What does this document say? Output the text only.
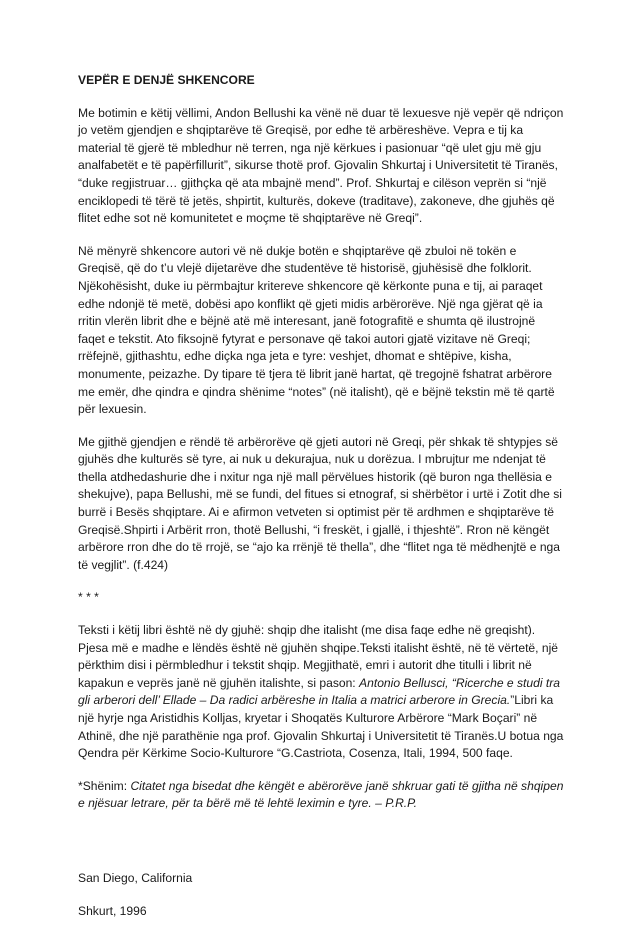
VEPËR E DENJË SHKENCORE

Me botimin e këtij vëllimi, Andon Bellushi ka vënë në duar të lexuesve një vepër që ndriçon jo vetëm gjendjen e shqiptarëve të Greqisë, por edhe të arbëreshëve. Vepra e tij ka material të gjerë të mbledhur në terren, nga një kërkues i pasionuar “që ulet gju më gju analfabetët e të papërfillurit”, sikurse thotë prof. Gjovalin Shkurtaj i Universitetit të Tiranës, “duke regjistruar… gjithçka që ata mbajnë mend”. Prof. Shkurtaj e cilëson veprën si “një enciklopedi të tërë të jetës, shpirtit, kulturës, dokeve (traditave), zakoneve, dhe gjuhës që flitet edhe sot në komunitetet e moçme të shqiptarëve në Greqi”.

Në mënyrë shkencore autori vë në dukje botën e shqiptarëve që zbuloi në tokën e Greqisë, që do t’u vlejë dijetarëve dhe studentëve të historisë, gjuhësisë dhe folklorit. Njëkohësisht, duke iu përmbajtur kritereve shkencore që kërkonte puna e tij, ai paraqet edhe ndonjë të metë, dobësi apo konflikt që gjeti midis arbërorëve. Një nga gjërat që ia rritin vlerën librit dhe e bëjnë atë më interesant, janë fotografitë e shumta që ilustrojnë faqet e tekstit. Ato fiksojnë fytyrat e personave që takoi autori gjatë vizitave në Greqi; rrëfejnë, gjithashtu, edhe diçka nga jeta e tyre: veshjet, dhomat e shtëpive, kisha, monumente, peizazhe. Dy tipare të tjera të librit janë hartat, që tregojnë fshatrat arbërore me emër, dhe qindra e qindra shënime “notes” (në italisht), që e bëjnë tekstin më të qartë për lexuesin.

Me gjithë gjendjen e rëndë të arbërorëve që gjeti autori në Greqi, për shkak të shtypjes së gjuhës dhe kulturës së tyre, ai nuk u dekurajua, nuk u dorëzua. I mbrujtur me ndenjat të thella atdhedashurie dhe i nxitur nga një mall përvëlues historik (që buron nga thellësia e shekujve), papa Bellushi, më se fundi, del fitues si etnograf, si shërbëtor i urtë i Zotit dhe si burrë i Besës shqiptare. Ai e afirmon vetveten si optimist për të ardhmen e shqiptarëve të Greqisë.Shpirti i Arbërit rron, thotë Bellushi, “i freskët, i gjallë, i thjeshtë”. Rron në këngët arbërore rron dhe do të rrojë, se “ajo ka rrënjë të thella”, dhe “flitet nga të mëdhenjtë e nga të vegjlit”. (f.424)

* * *

Teksti i këtij libri është në dy gjuhë: shqip dhe italisht (me disa faqe edhe në greqisht). Pjesa më e madhe e lëndës është në gjuhën shqipe.Teksti italisht është, në të vërtetë, një përkthim disi i përmbledhur i tekstit shqip. Megjithatë, emri i autorit dhe titulli i librit në kapakun e veprës janë në gjuhën italishte, si pason: Antonio Bellusci, “Ricerche e studi tra gli arberori dell’ Ellade – Da radici arbëreshe in Italia a matrici arberore in Grecia.”Libri ka një hyrje nga Aristidhis Kolljas, kryetar i Shoqatës Kulturore Arbërore “Mark Boçari” në Athinë, dhe një parathënie nga prof. Gjovalin Shkurtaj i Universitetit të Tiranës.U botua nga Qendra për Kërkime Socio-Kulturore “G.Castriota, Cosenza, Itali, 1994, 500 faqe.

*Shënim: Citatet nga bisedat dhe këngët e abërorëve janë shkruar gati të gjitha në shqipen e njësuar letrare, për ta bërë më të lehtë leximin e tyre. – P.R.P.

San Diego, California
Shkurt, 1996
